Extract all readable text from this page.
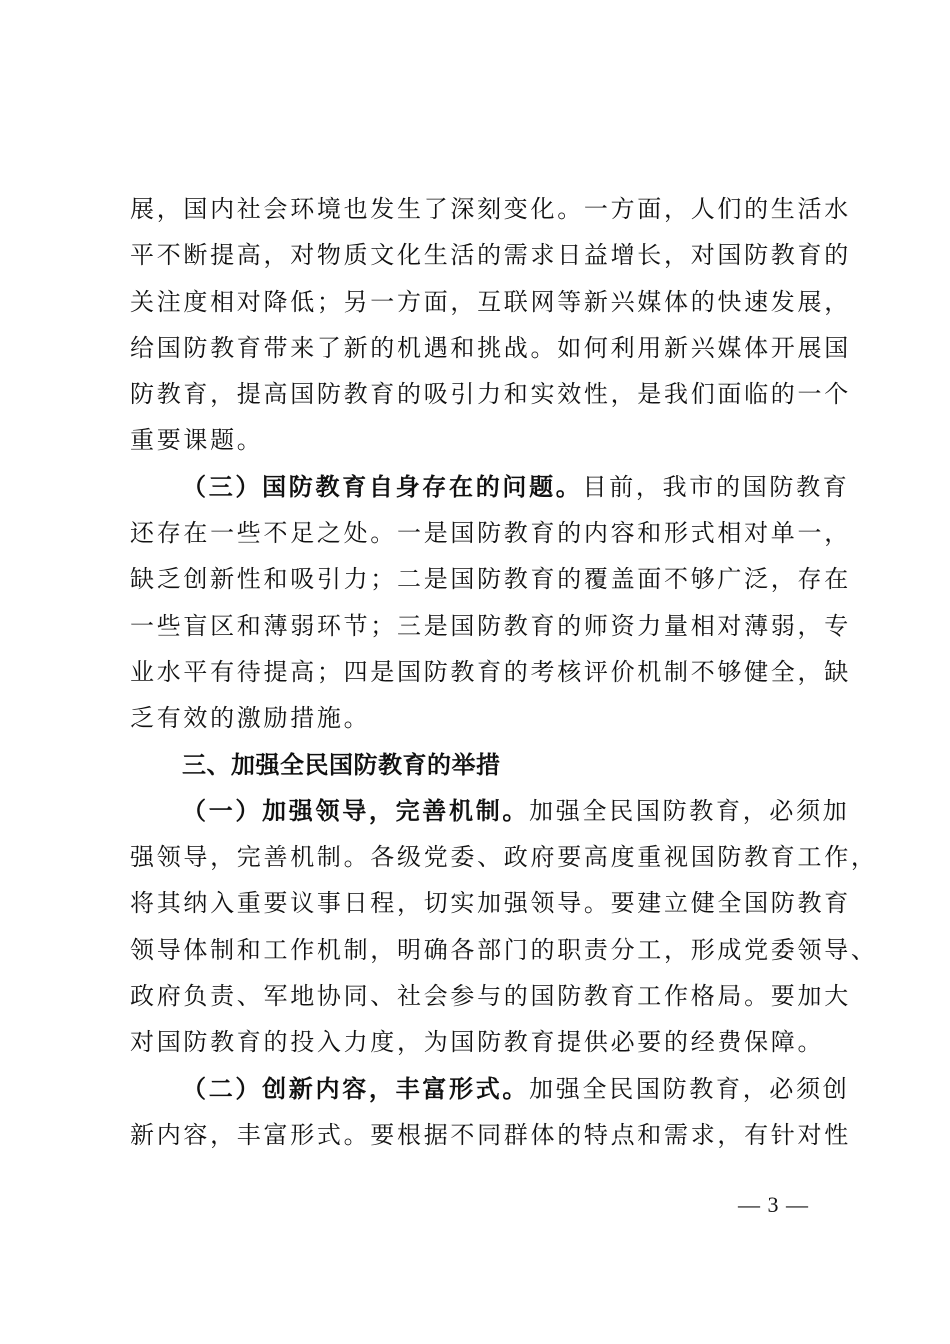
展，国内社会环境也发生了深刻变化。一方面，人们的生活水
平不断提高，对物质文化生活的需求日益增长，对国防教育的
关注度相对降低；另一方面，互联网等新兴媒体的快速发展，
给国防教育带来了新的机遇和挑战。如何利用新兴媒体开展国
防教育，提高国防教育的吸引力和实效性，是我们面临的一个
重要课题。
（三）国防教育自身存在的问题。目前，我市的国防教育
还存在一些不足之处。一是国防教育的内容和形式相对单一，
缺乏创新性和吸引力；二是国防教育的覆盖面不够广泛，存在
一些盲区和薄弱环节；三是国防教育的师资力量相对薄弱，专
业水平有待提高；四是国防教育的考核评价机制不够健全，缺
乏有效的激励措施。
三、加强全民国防教育的举措
（一）加强领导，完善机制。加强全民国防教育，必须加
强领导，完善机制。各级党委、政府要高度重视国防教育工作，
将其纳入重要议事日程，切实加强领导。要建立健全国防教育
领导体制和工作机制，明确各部门的职责分工，形成党委领导、
政府负责、军地协同、社会参与的国防教育工作格局。要加大
对国防教育的投入力度，为国防教育提供必要的经费保障。
（二）创新内容，丰富形式。加强全民国防教育，必须创
新内容，丰富形式。要根据不同群体的特点和需求，有针对性
— 3 —
